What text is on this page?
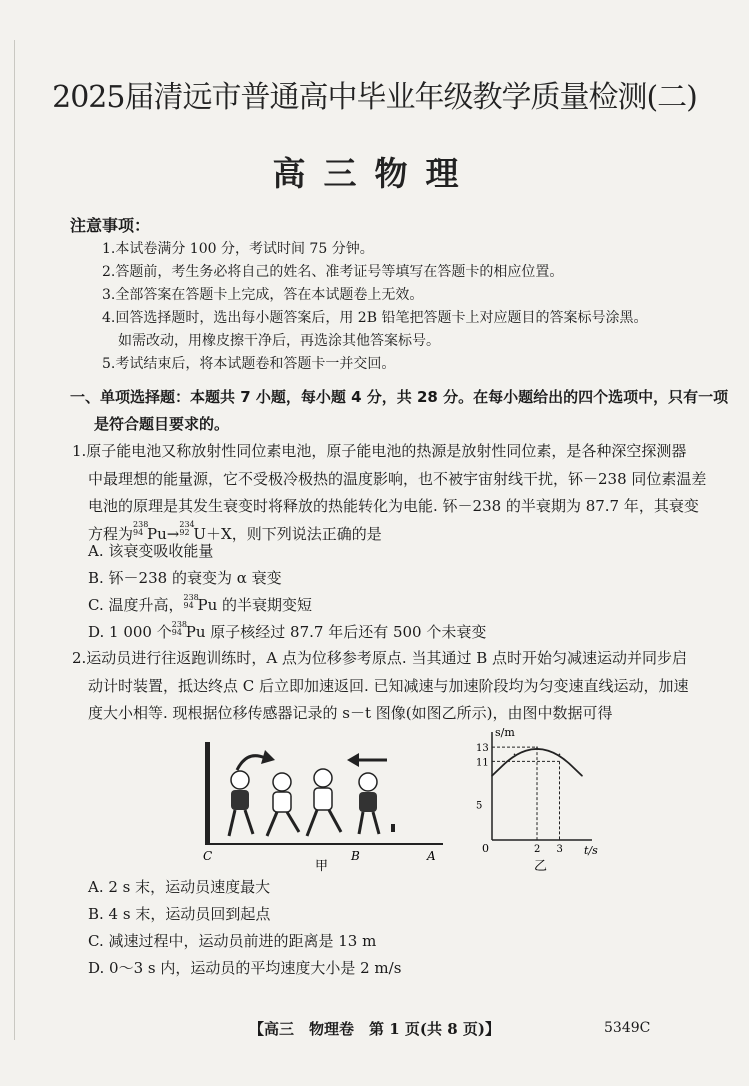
2025届清远市普通高中毕业年级教学质量检测(二)
高三物理
注意事项：
1.本试卷满分 100 分，考试时间 75 分钟。
2.答题前，考生务必将自己的姓名、准考证号等填写在答题卡的相应位置。
3.全部答案在答题卡上完成，答在本试题卷上无效。
4.回答选择题时，选出每小题答案后，用 2B 铅笔把答题卡上对应题目的答案标号涂黑。
如需改动，用橡皮擦干净后，再选涂其他答案标号。
5.考试结束后，将本试题卷和答题卡一并交回。
一、单项选择题：本题共 7 小题，每小题 4 分，共 28 分。在每小题给出的四个选项中，只有一项
是符合题目要求的。
1.原子能电池又称放射性同位素电池，原子能电池的热源是放射性同位素，是各种深空探测器
中最理想的能量源，它不受极冷极热的温度影响，也不被宇宙射线干扰，钚－238 同位素温差
电池的原理是其发生衰变时将释放的热能转化为电能. 钚－238 的半衰期为 87.7 年，其衰变
方程为
238
94 Pu→
234
92 U＋X，则下列说法正确的是
A. 该衰变吸收能量
B. 钚－238 的衰变为 α 衰变
C. 温度升高， 238
94 Pu 的半衰期变短
D. 1 000 个 238
94 Pu 原子核经过 87.7 年后还有 500 个未衰变
2.运动员进行往返跑训练时，A 点为位移参考原点. 当其通过 B 点时开始匀减速运动并同步启
动计时装置，抵达终点 C 后立即加速返回. 已知减速与加速阶段均为匀变速直线运动，加速
度大小相等. 现根据位移传感器记录的 s－t 图像(如图乙所示)，由图中数据可得
C	B	A
甲
s/m
t/s
0
乙
5
11
13
2 3
A. 2 s 末，运动员速度最大
B. 4 s 末，运动员回到起点
C. 减速过程中，运动员前进的距离是 13 m
D. 0～3 s 内，运动员的平均速度大小是 2 m/s
【高三　物理卷　第 1 页(共 8 页)】	5349C
